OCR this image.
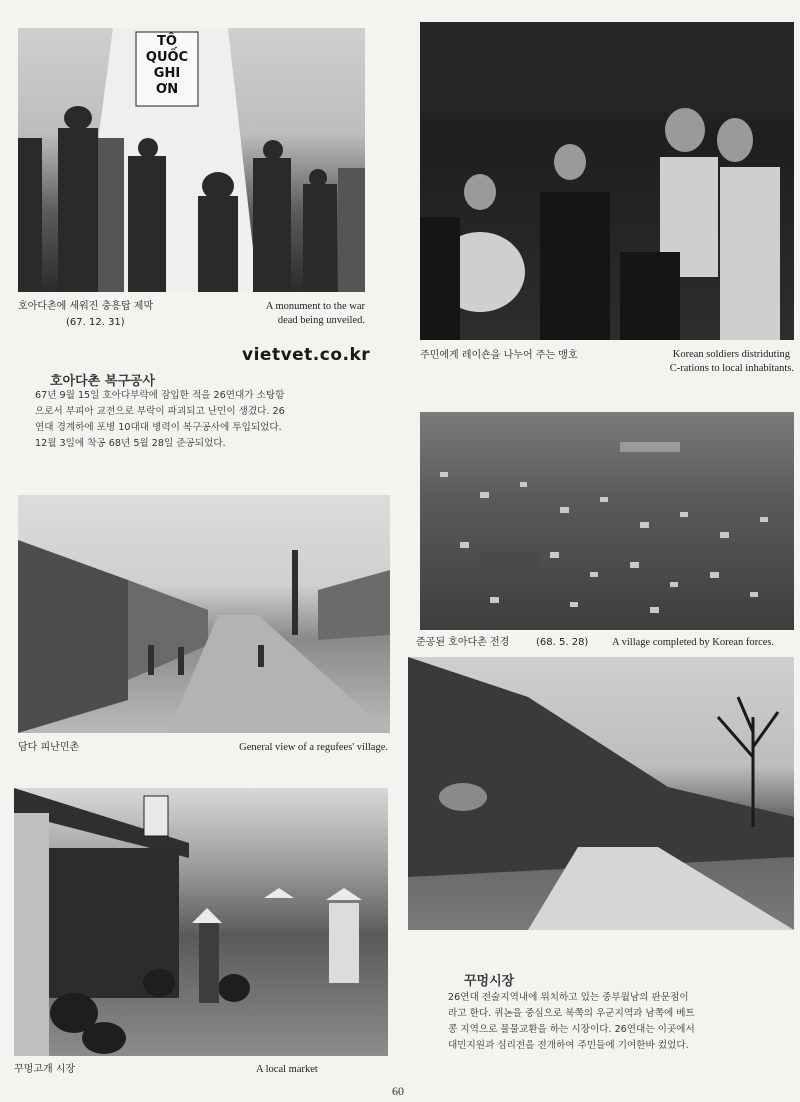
TÔ
QUỐC
GHI
ƠN
호아다촌에 세워진 충흥탑 제막
(67. 12. 31)
A monument to the war
dead being unveiled.
vietvet.co.kr	주민에게 레이숀을 나누어 주는 맹호	Korean soldiers distriduting
C-rations to local inhabitants.
호아다촌 복구공사
67년 9월 15일 호아다부락에 잠입한 적을 26연대가 소탕함
으로서 부피아 교전으로 부락이 파괴되고 난민이 생겼다. 26
연대 경계하에 포병 10대대 병력이 복구공사에 투입되었다.
12월 3일에 착공 68년 5월 28일 준공되었다.
준공된 호아다촌 전경	(68. 5. 28) A village completed by Korean forces.
담다 피난민촌	General view of a regufees' village.
꾸멍시장
26연대 전술지역내에 위치하고 있는 중부월남의 판문점이
라고 한다. 퀴논을 중심으로 북쪽의 우군지역과 남쪽에 베트
콩 지역으로 물물교환을 하는 시장이다. 26연대는 이곳에서
대민지원과 심리전을 전개하여 주민들에 기여한바 컸었다.
꾸멍고개 시장	A local market
60
